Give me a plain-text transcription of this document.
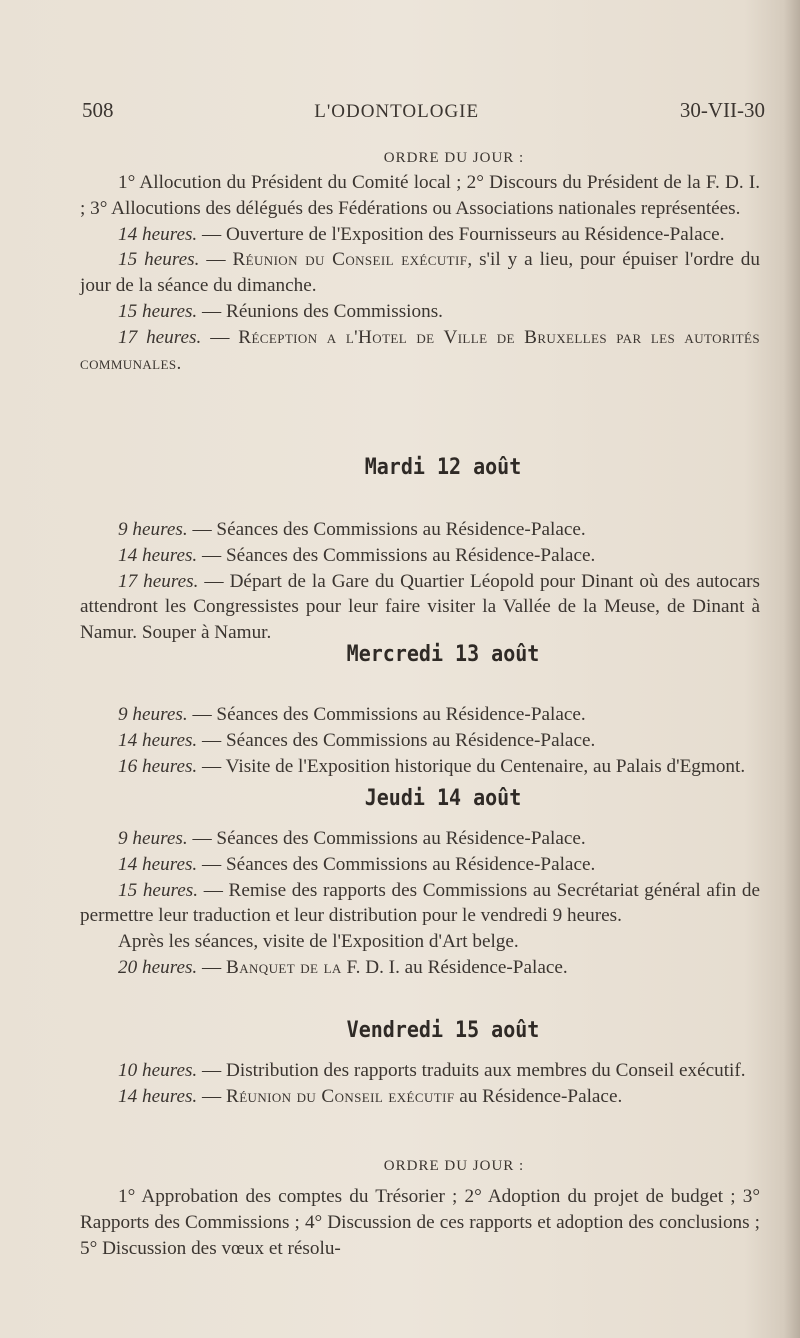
508	L'ODONTOLOGIE	30-VII-30

ORDRE DU JOUR :

1° Allocution du Président du Comité local ; 2° Discours du Président de la F. D. I. ; 3° Allocutions des délégués des Fédérations ou Associations nationales représentées.

14 heures. — Ouverture de l'Exposition des Fournisseurs au Résidence-Palace.

15 heures. — Réunion du Conseil exécutif, s'il y a lieu, pour épuiser l'ordre du jour de la séance du dimanche.

15 heures. — Réunions des Commissions.

17 heures. — Réception a l'Hotel de Ville de Bruxelles par les autorités communales.

Mardi 12 août

9 heures. — Séances des Commissions au Résidence-Palace.

14 heures. — Séances des Commissions au Résidence-Palace.

17 heures. — Départ de la Gare du Quartier Léopold pour Dinant où des autocars attendront les Congressistes pour leur faire visiter la Vallée de la Meuse, de Dinant à Namur. Souper à Namur.

Mercredi 13 août

9 heures. — Séances des Commissions au Résidence-Palace.

14 heures. — Séances des Commissions au Résidence-Palace.

16 heures. — Visite de l'Exposition historique du Centenaire, au Palais d'Egmont.

Jeudi 14 août

9 heures. — Séances des Commissions au Résidence-Palace.

14 heures. — Séances des Commissions au Résidence-Palace.

15 heures. — Remise des rapports des Commissions au Secrétariat général afin de permettre leur traduction et leur distribution pour le vendredi 9 heures.

Après les séances, visite de l'Exposition d'Art belge.

20 heures. — Banquet de la F. D. I. au Résidence-Palace.

Vendredi 15 août

10 heures. — Distribution des rapports traduits aux membres du Conseil exécutif.

14 heures. — Réunion du Conseil exécutif au Résidence-Palace.

ORDRE DU JOUR :

1° Approbation des comptes du Trésorier ; 2° Adoption du projet de budget ; 3° Rapports des Commissions ; 4° Discussion de ces rapports et adoption des conclusions ; 5° Discussion des vœux et résolu-
